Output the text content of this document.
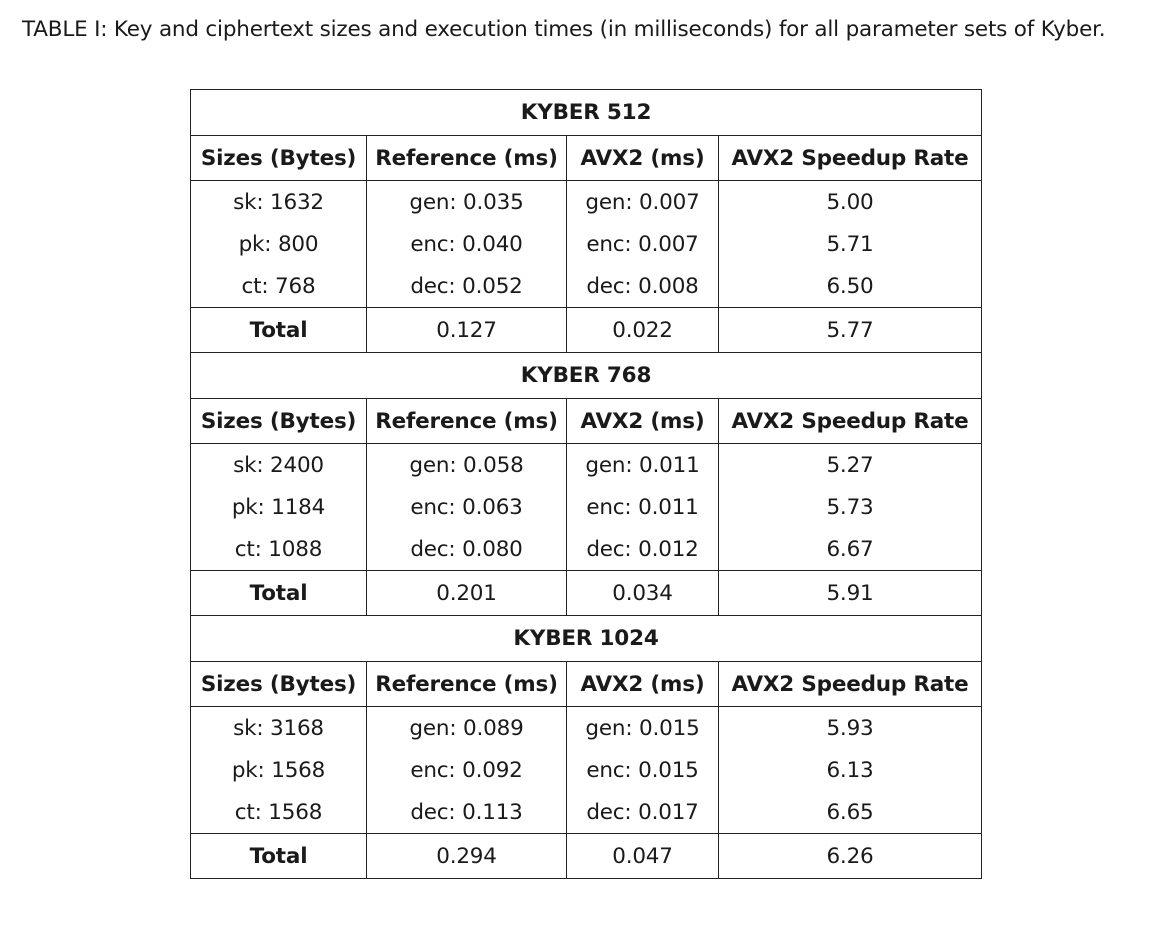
TABLE I: Key and ciphertext sizes and execution times (in milliseconds) for all parameter sets of Kyber.
KYBER 512			
Sizes (Bytes)	Reference (ms)	AVX2 (ms)	AVX2 Speedup Rate
sk: 1632	gen: 0.035	gen: 0.007	5.00
pk: 800	enc: 0.040	enc: 0.007	5.71
ct: 768	dec: 0.052	dec: 0.008	6.50
Total	0.127	0.022	5.77
KYBER 768			
Sizes (Bytes)	Reference (ms)	AVX2 (ms)	AVX2 Speedup Rate
sk: 2400	gen: 0.058	gen: 0.011	5.27
pk: 1184	enc: 0.063	enc: 0.011	5.73
ct: 1088	dec: 0.080	dec: 0.012	6.67
Total	0.201	0.034	5.91
KYBER 1024			
Sizes (Bytes)	Reference (ms)	AVX2 (ms)	AVX2 Speedup Rate
sk: 3168	gen: 0.089	gen: 0.015	5.93
pk: 1568	enc: 0.092	enc: 0.015	6.13
ct: 1568	dec: 0.113	dec: 0.017	6.65
Total	0.294	0.047	6.26
